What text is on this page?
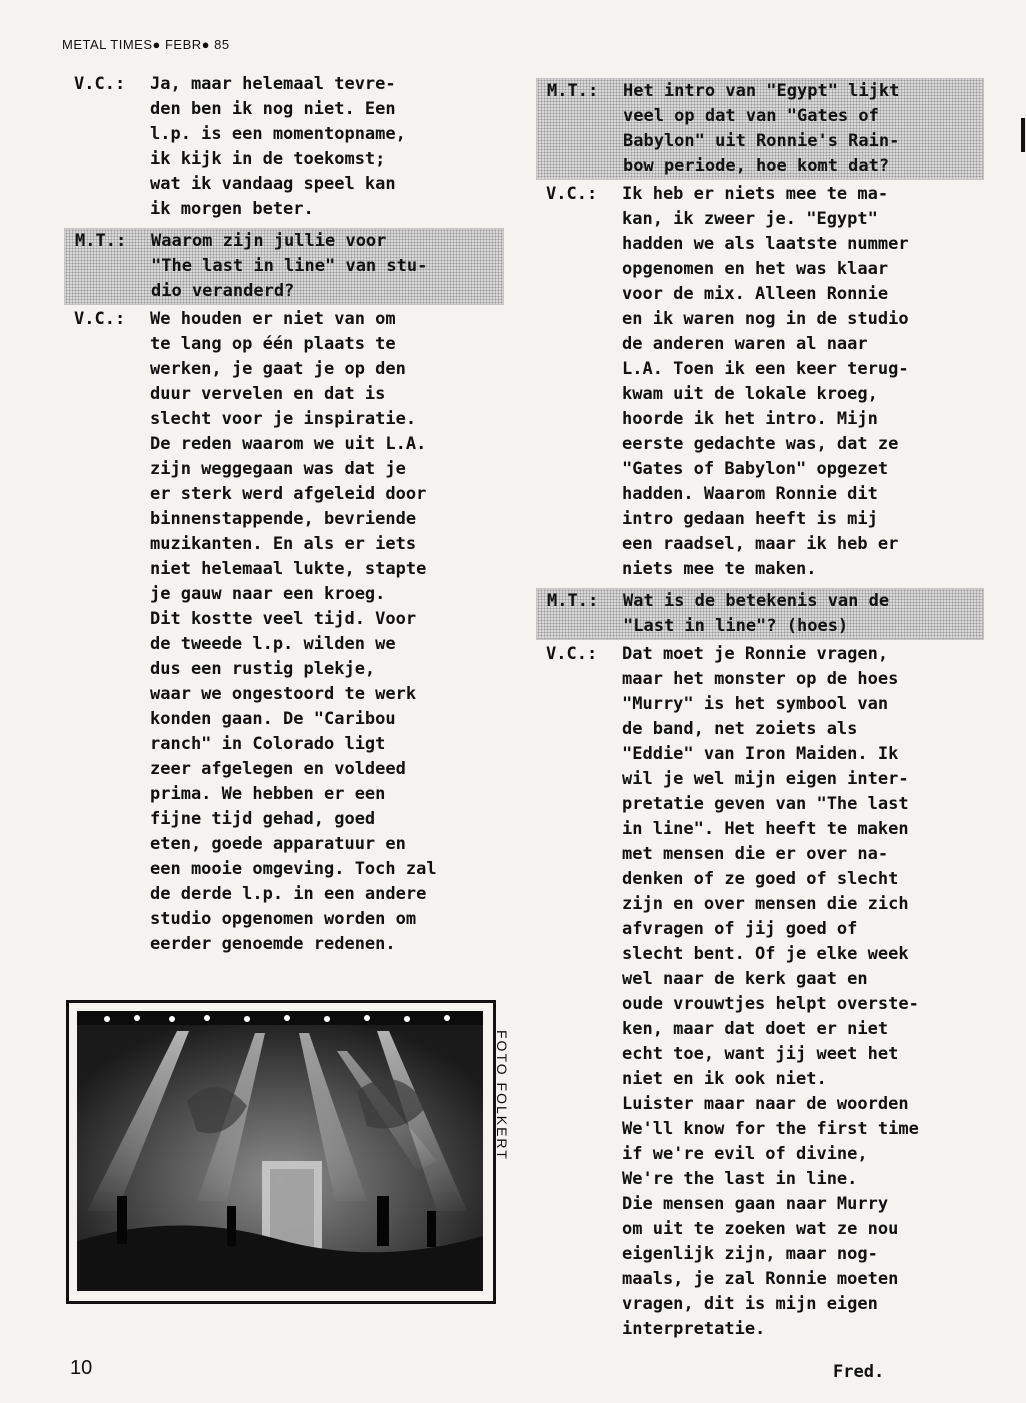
METAL TIMES● FEBR● 85
V.C.:	Ja, maar helemaal tevre-
den ben ik nog niet. Een
l.p. is een momentopname,
ik kijk in de toekomst;
wat ik vandaag speel kan
ik morgen beter.
M.T.:	Waarom zijn jullie voor
"The last in line" van stu-
dio veranderd?
V.C.:	We houden er niet van om
te lang op één plaats te
werken, je gaat je op den
duur vervelen en dat is
slecht voor je inspiratie.
De reden waarom we uit L.A.
zijn weggegaan was dat je
er sterk werd afgeleid door
binnenstappende, bevriende
muzikanten. En als er iets
niet helemaal lukte, stapte
je gauw naar een kroeg.
Dit kostte veel tijd. Voor
de tweede l.p. wilden we
dus een rustig plekje,
waar we ongestoord te werk
konden gaan. De "Caribou
ranch" in Colorado ligt
zeer afgelegen en voldeed
prima. We hebben er een
fijne tijd gehad, goed
eten, goede apparatuur en
een mooie omgeving. Toch zal
de derde l.p. in een andere
studio opgenomen worden om
eerder genoemde redenen.
M.T.:	Het intro van "Egypt" lijkt
veel op dat van "Gates of
Babylon" uit Ronnie's Rain-
bow periode, hoe komt dat?
V.C.:	Ik heb er niets mee te ma-
kan, ik zweer je. "Egypt"
hadden we als laatste nummer
opgenomen en het was klaar
voor de mix. Alleen Ronnie
en ik waren nog in de studio
de anderen waren al naar
L.A. Toen ik een keer terug-
kwam uit de lokale kroeg,
hoorde ik het intro. Mijn
eerste gedachte was, dat ze
"Gates of Babylon" opgezet
hadden. Waarom Ronnie dit
intro gedaan heeft is mij
een raadsel, maar ik heb er
niets mee te maken.
M.T.:	Wat is de betekenis van de
"Last in line"? (hoes)
V.C.:	Dat moet je Ronnie vragen,
maar het monster op de hoes
"Murry" is het symbool van
de band, net zoiets als
"Eddie" van Iron Maiden. Ik
wil je wel mijn eigen inter-
pretatie geven van "The last
in line". Het heeft te maken
met mensen die er over na-
denken of ze goed of slecht
zijn en over mensen die zich
afvragen of jij goed of
slecht bent. Of je elke week
wel naar de kerk gaat en
oude vrouwtjes helpt overste-
ken, maar dat doet er niet
echt toe, want jij weet het
niet en ik ook niet.
Luister maar naar de woorden
We'll know for the first time
if we're evil of divine,
We're the last in line.
Die mensen gaan naar Murry
om uit te zoeken wat ze nou
eigenlijk zijn, maar nog-
maals, je zal Ronnie moeten
vragen, dit is mijn eigen
interpretatie.
FOTO FOLKERT
10	Fred.
